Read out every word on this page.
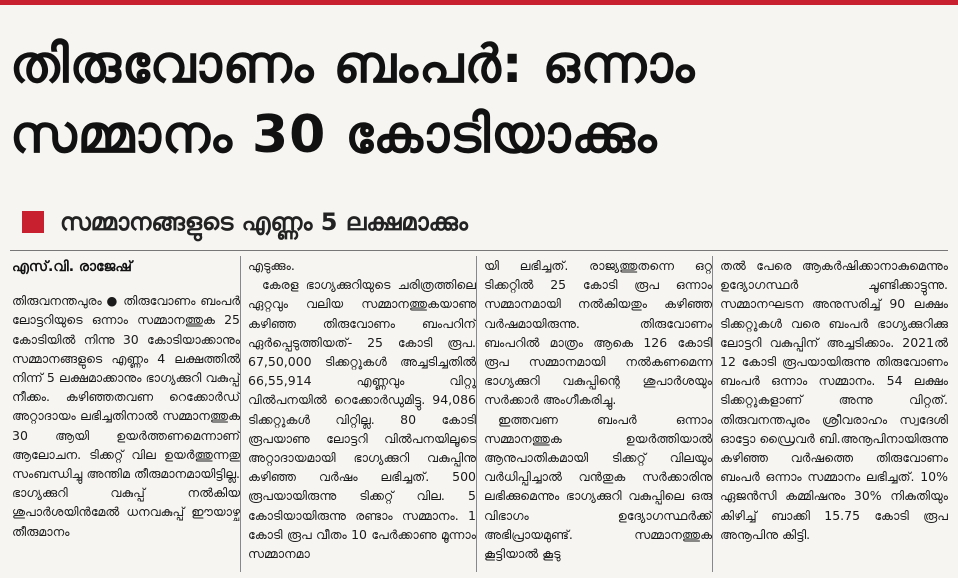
തിരുവോണം ബംപർ: ഒന്നാം
സമ്മാനം 30 കോടിയാക്കും
സമ്മാനങ്ങളുടെ എണ്ണം 5 ലക്ഷമാക്കും
എസ്.വി. രാജേഷ്

തിരുവനന്തപുരം ● തിരുവോണം ബംപർ ലോട്ടറിയുടെ ഒന്നാം സമ്മാനത്തുക 25 കോടിയിൽ നിന്നു 30 കോടിയാക്കാനും സമ്മാനങ്ങളുടെ എണ്ണം 4 ലക്ഷത്തിൽ നിന്ന് 5 ലക്ഷമാക്കാനും ഭാഗ്യക്കുറി വകുപ്പ് നീക്കം. കഴിഞ്ഞതവണ റെക്കോർഡ് അറ്റാദായം ലഭിച്ചതിനാൽ സമ്മാനത്തുക 30 ആയി ഉയർത്തണമെന്നാണ് ആലോചന. ടിക്കറ്റ് വില ഉയർത്തുന്നതു സംബന്ധിച്ചു അന്തിമ തീരുമാനമായിട്ടില്ല. ഭാഗ്യക്കുറി വകുപ്പ് നൽകിയ ശുപാർശയിൻമേൽ ധനവകുപ്പ് ഈയാഴ്ച തീരുമാനം

എടുക്കും.

കേരള ഭാഗ്യക്കുറിയുടെ ചരിത്രത്തിലെ ഏറ്റവും വലിയ സമ്മാനത്തുകയാണു കഴിഞ്ഞ തിരുവോണം ബംപറിന് ഏർപ്പെടുത്തിയത്- 25 കോടി രൂപ. 67,50,000 ടിക്കറ്റുകൾ അച്ചടിച്ചതിൽ 66,55,914 എണ്ണവും വിറ്റു വിൽപനയിൽ റെക്കോർഡുമിട്ടു. 94,086 ടിക്കറ്റുകൾ വിറ്റില്ല. 80 കോടി രൂപയാണു ലോട്ടറി വിൽപനയിലൂടെ അറ്റാദായമായി ഭാഗ്യക്കുറി വകുപ്പിനു കഴിഞ്ഞ വർഷം ലഭിച്ചത്. 500 രൂപയായിരുന്നു ടിക്കറ്റ് വില. 5 കോടിയായിരുന്നു രണ്ടാം സമ്മാനം. 1 കോടി രൂപ വീതം 10 പേർക്കാണു മൂന്നാം സമ്മാനമാ

യി ലഭിച്ചത്. രാജ്യത്തുതന്നെ ഒറ്റ ടിക്കറ്റിൽ 25 കോടി രൂപ ഒന്നാം സമ്മാനമായി നൽകിയതും കഴിഞ്ഞ വർഷമായിരുന്നു. തിരുവോണം ബംപറിൽ മാത്രം ആകെ 126 കോടി രൂപ സമ്മാനമായി നൽകണമെന്ന ഭാഗ്യക്കുറി വകുപ്പിന്റെ ശുപാർശയും സർക്കാർ അംഗീകരിച്ചു.

ഇത്തവണ ബംപർ ഒന്നാം സമ്മാനത്തുക ഉയർത്തിയാൽ ആനുപാതികമായി ടിക്കറ്റ് വിലയും വർധിപ്പിച്ചാൽ വൻതുക സർക്കാരിനു ലഭിക്കുമെന്നും ഭാഗ്യക്കുറി വകുപ്പിലെ ഒരു വിഭാഗം ഉദ്യോഗസ്ഥർക്ക് അഭിപ്രായമുണ്ട്. സമ്മാനത്തുക കൂട്ടിയാൽ കൂടു

തൽ പേരെ ആകർഷിക്കാനാകുമെന്നും ഉദ്യോഗസ്ഥർ ചൂണ്ടിക്കാട്ടുന്നു. സമ്മാനഘടന അനുസരിച്ച് 90 ലക്ഷം ടിക്കറ്റുകൾ വരെ ബംപർ ഭാഗ്യക്കുറിക്കു ലോട്ടറി വകുപ്പിന് അച്ചടിക്കാം. 2021ൽ 12 കോടി രൂപയായിരുന്നു തിരുവോണം ബംപർ ഒന്നാം സമ്മാനം. 54 ലക്ഷം ടിക്കറ്റുകളാണ് അന്നു വിറ്റത്. തിരുവനന്തപുരം ശ്രീവരാഹം സ്വദേശി ഓട്ടോ ഡ്രൈവർ ബി.അനൂപിനായിരുന്നു കഴിഞ്ഞ വർഷത്തെ തിരുവോണം ബംപർ ഒന്നാം സമ്മാനം ലഭിച്ചത്. 10% ഏജൻസി കമ്മിഷനും 30% നികുതിയും കിഴിച്ച് ബാക്കി 15.75 കോടി രൂപ അനൂപിനു കിട്ടി.
